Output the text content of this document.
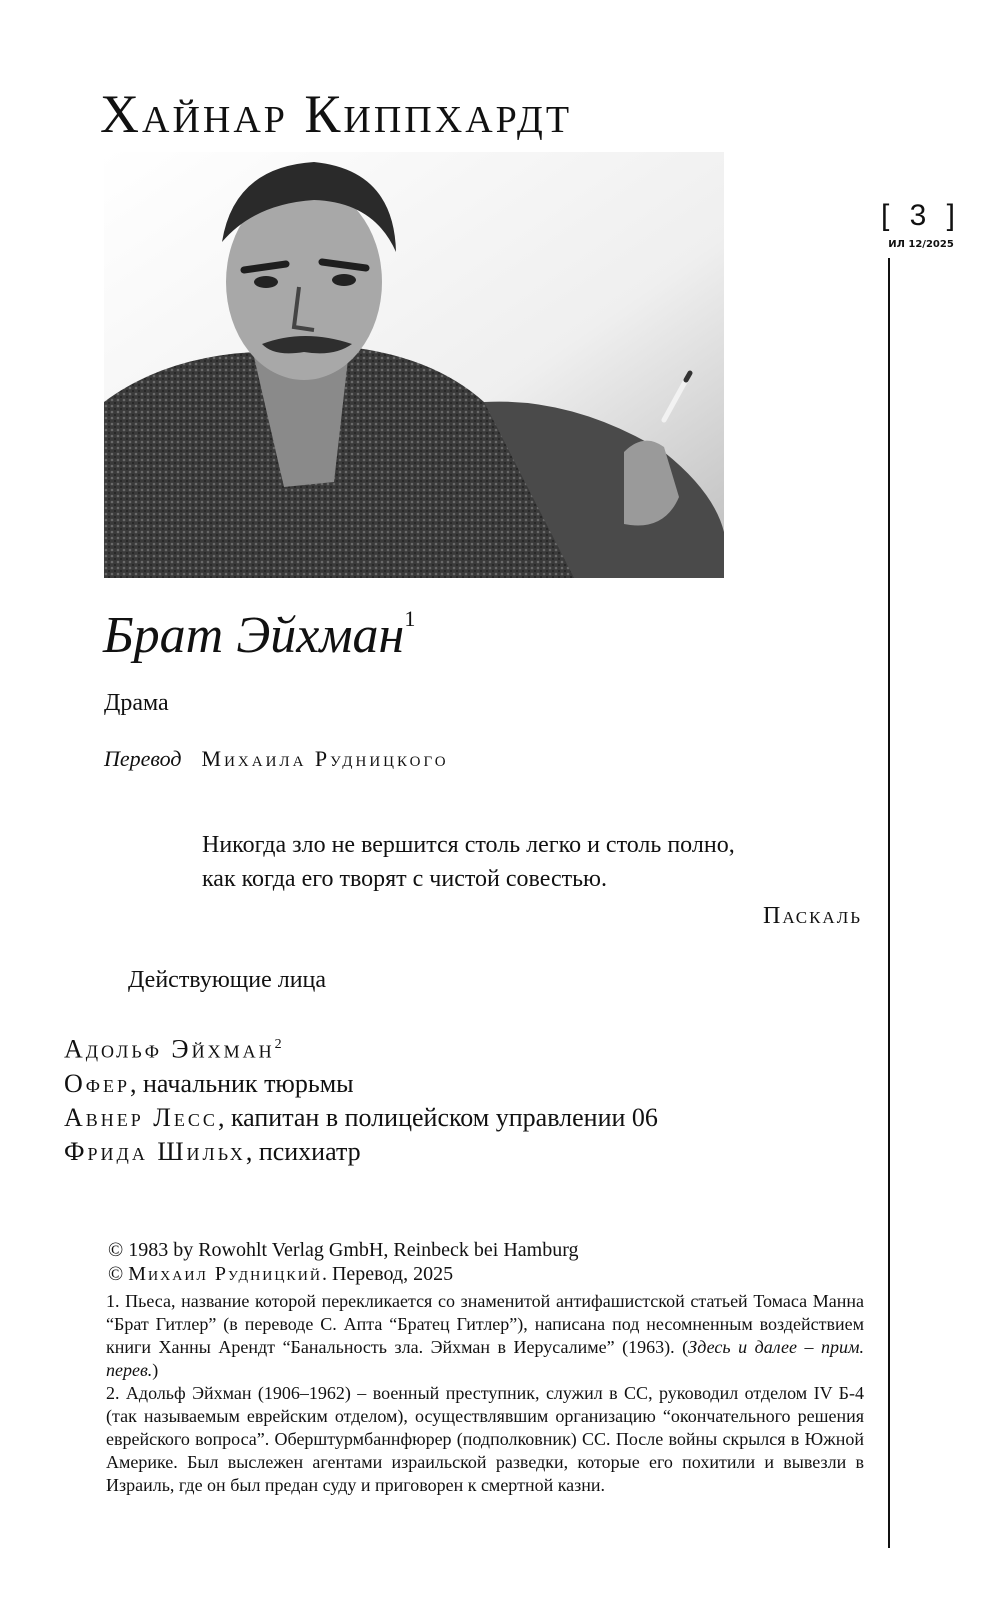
Хайнар Киппхардт
[ 3 ]
ИЛ 12/2025
Брат Эйхман$^1$
Драма
Перевод Михаила Рудницкого
Никогда зло не вершится столь легко и столь полно,
как когда его творят с чистой совестью.
Паскаль
Действующие лица
Адольф Эйхман$^2$
Офер, начальник тюрьмы
Авнер Лесс, капитан в полицейском управлении 06
Фрида Шильх, психиатр
© 1983 by Rowohlt Verlag GmbH, Reinbeck bei Hamburg
© Михаил Рудницкий. Перевод, 2025

1. Пьеса, название которой перекликается со знаменитой антифашистской статьей Томаса Манна “Брат Гитлер” (в переводе С. Апта “Братец Гитлер”), написана под несомненным воздействием книги Ханны Арендт “Банальность зла. Эйхман в Иерусалиме” (1963). (Здесь и далее – прим. перев.)

2. Адольф Эйхман (1906–1962) – военный преступник, служил в СС, руководил отделом IV Б-4 (так называемым еврейским отделом), осуществлявшим организацию “окончательного решения еврейского вопроса”. Оберштурмбаннфюрер (подполковник) СС. После войны скрылся в Южной Америке. Был выслежен агентами израильской разведки, которые его похитили и вывезли в Израиль, где он был предан суду и приговорен к смертной казни.
